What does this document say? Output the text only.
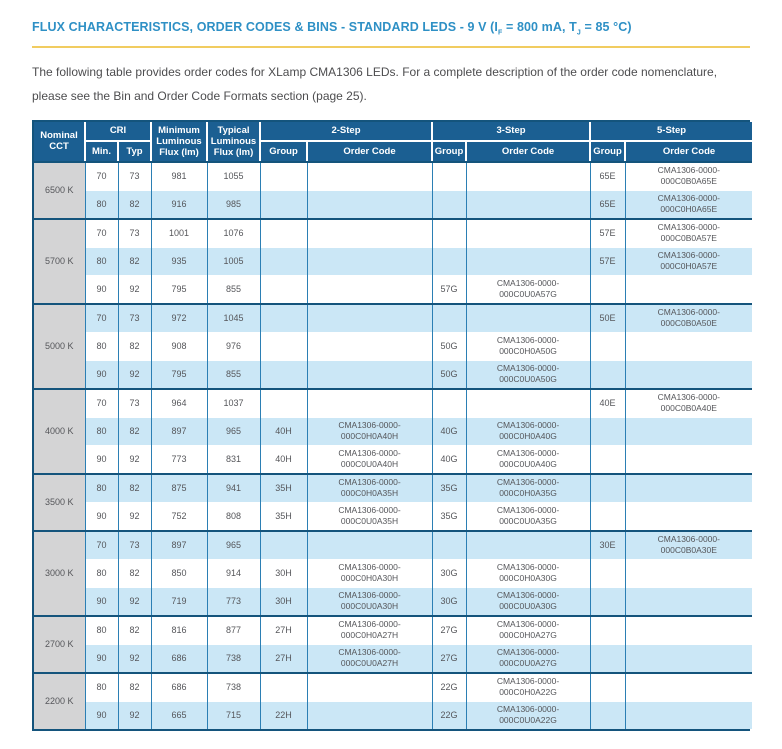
FLUX CHARACTERISTICS, ORDER CODES & BINS - STANDARD LEDS - 9 V ($I_F = 800$ mA, $T_J = 85$ °C)

The following table provides order codes for XLamp CMA1306 LEDs. For a complete description of the order code nomenclature, please see the Bin and Order Code Formats section (page 25).

Nominal CCT	CRI		Minimum Luminous Flux (lm)	Typical Luminous Flux (lm)	2-Step		3-Step		5-Step	
	Min.	Typ			Group	Order Code	Group	Order Code	Group	Order Code
6500 K	70	73	981	1055					65E	CMA1306-0000-
000C0B0A65E
	80	82	916	985					65E	CMA1306-0000-
000C0H0A65E
5700 K	70	73	1001	1076					57E	CMA1306-0000-
000C0B0A57E
	80	82	935	1005					57E	CMA1306-0000-
000C0H0A57E
	90	92	795	855			57G	CMA1306-0000-
000C0U0A57G		
5000 K	70	73	972	1045					50E	CMA1306-0000-
000C0B0A50E
	80	82	908	976			50G	CMA1306-0000-
000C0H0A50G		
	90	92	795	855			50G	CMA1306-0000-
000C0U0A50G		
4000 K	70	73	964	1037					40E	CMA1306-0000-
000C0B0A40E
	80	82	897	965	40H	CMA1306-0000-
000C0H0A40H	40G	CMA1306-0000-
000C0H0A40G		
	90	92	773	831	40H	CMA1306-0000-
000C0U0A40H	40G	CMA1306-0000-
000C0U0A40G		
3500 K	80	82	875	941	35H	CMA1306-0000-
000C0H0A35H	35G	CMA1306-0000-
000C0H0A35G		
	90	92	752	808	35H	CMA1306-0000-
000C0U0A35H	35G	CMA1306-0000-
000C0U0A35G		
3000 K	70	73	897	965					30E	CMA1306-0000-
000C0B0A30E
	80	82	850	914	30H	CMA1306-0000-
000C0H0A30H	30G	CMA1306-0000-
000C0H0A30G		
	90	92	719	773	30H	CMA1306-0000-
000C0U0A30H	30G	CMA1306-0000-
000C0U0A30G		
2700 K	80	82	816	877	27H	CMA1306-0000-
000C0H0A27H	27G	CMA1306-0000-
000C0H0A27G		
	90	92	686	738	27H	CMA1306-0000-
000C0U0A27H	27G	CMA1306-0000-
000C0U0A27G		
2200 K	80	82	686	738			22G	CMA1306-0000-
000C0H0A22G		
	90	92	665	715	22H		22G	CMA1306-0000-
000C0U0A22G		
